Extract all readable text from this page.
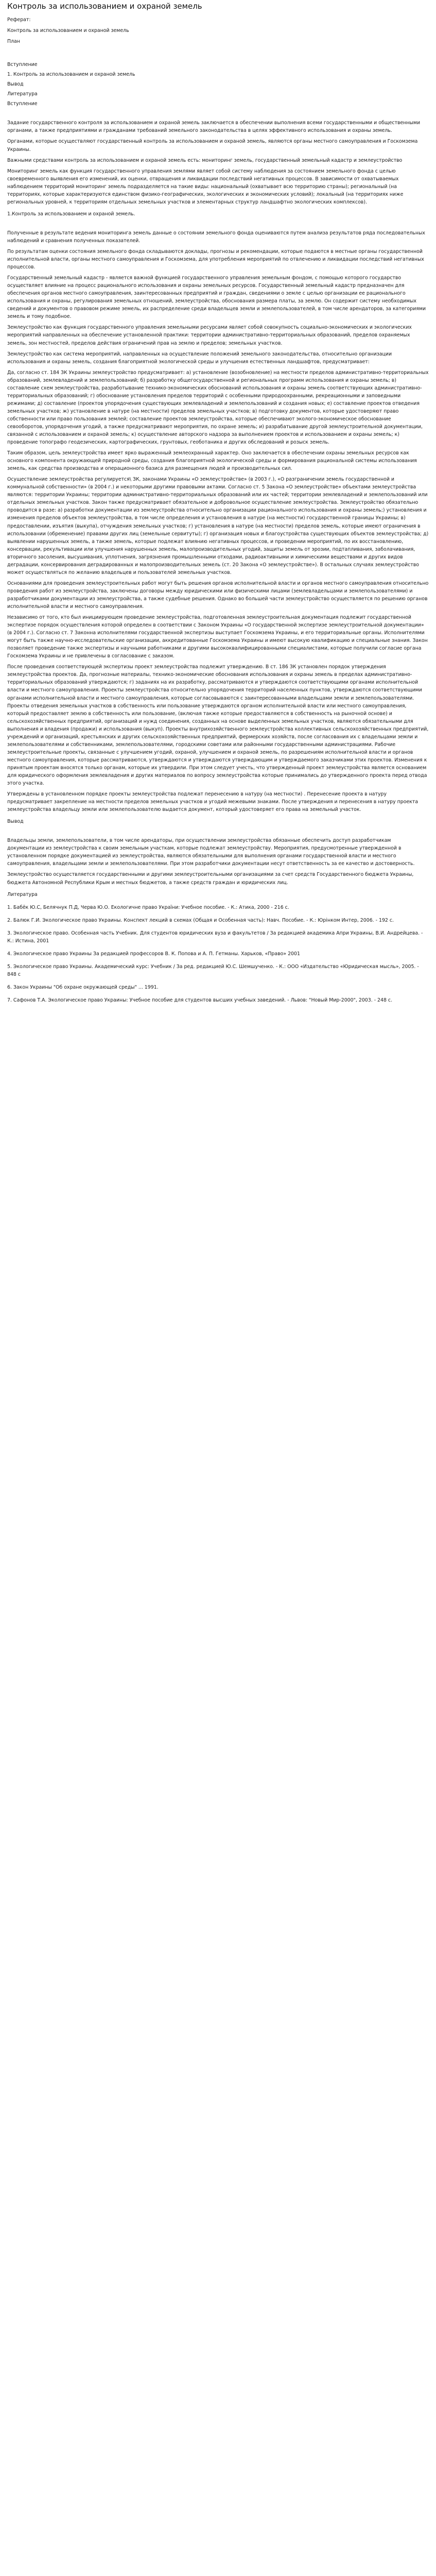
Контроль за использованием и охраной земель

Реферат:

Контроль за использованием и охраной земель

План

Вступление

1. Контроль за использованием и охраной земель

Вывод

Литература

Вступление

Задание государственного контроля за использованием и охраной земель заключается в обеспечении выполнения всеми государственными и общественными органами, а также предприятиями и гражданами требований земельного законодательства в целях эффективного использования и охраны земель.

Органами, которые осуществляют государственный контроль за использованием и охраной земель, являются органы местного самоуправления и Госкомзема Украины.

Важными средствами контроль за использованием и охраной земель есть: мониторинг земель, государственный земельный кадастр и землеустройство

Мониторинг земель как функция государственного управления землями являет собой систему наблюдения за состоянием земельного фонда с целью своевременного выявления его изменений, их оценки, отвращения и ликвидации последствий негативных процессов. В зависимости от охватываемых наблюдением территорий мониторинг земель подразделяется на такие виды: национальный (охватывает всю территорию страны); региональный (на территориях, которые характеризуются единством физико-географических, экологических и экономических условий); локальный (на территориях ниже региональных уровней, к территориям отдельных земельных участков и элементарных структур ландшафтно экологических комплексов).

1.Контроль за использованием и охраной земель.

Полученные в результате ведения мониторинга земель данные о состоянии земельного фонда оцениваются путем анализа результатов ряда последовательных наблюдений и сравнения полученных показателей.

По результатам оценки состояния земельного фонда складываются доклады, прогнозы и рекомендации, которые подаются в местные органы государственной исполнительной власти, органы местного самоуправления и Госкомзема, для употребления мероприятий по отвлечению и ликвидации последствий негативных процессов.

Государственный земельный кадастр - является важной функцией государственного управления земельным фондом, с помощью которого государство осуществляет влияние на процесс рационального использования и охраны земельных ресурсов. Государственный земельный кадастр предназначен для обеспечения органов местного самоуправления, заинтересованных предприятий и граждан, сведениями о земле с целью организации ее рационального использования и охраны, регулирования земельных отношений, землеустройства, обоснования размера платы, за землю. Он содержит систему необходимых сведений и документов о правовом режиме земель, их распределение среди владельцев земли и землепользователей, в том числе арендаторов, за категориями земель и тому подобное.

Землеустройство как функция государственного управления земельными ресурсами являет собой совокупность социально-экономических и экологических мероприятий направленных на обеспечение установленной практики: территории административно-территориальных образований, пределов охраняемых земель, зон местностей, пределов действия ограничений прав на землю и пределов; земельных участков.

Землеустройство как система мероприятий, направленных на осуществление положений земельного законодательства, относительно организации использования и охраны земель, создания благоприятной экологической среды и улучшения естественных ландшафтов, предусматривает:

Да, согласно ст. 184 ЗК Украины землеустройство предусматривает: а) установление (возобновление) на местности пределов административно-территориальных образований, землевладений и землепользований; б) разработку общегосударственной и региональных программ использования и охраны земель; в) составление схем землеустройства, разработывание технико-экономических обоснований использования и охраны земель соответствующих административно-территориальных образований; г) обоснование установления пределов территорий с особенными природоохранными, рекреационными и заповедными режимами; д) составление (проектов упорядочения существующих землевладений и землепользований и создания новых; е) составление проектов отведения земельных участков; ж) установление в натуре (на местности) пределов земельных участков; в) подготовку документов, которые удостоверяют право собственности или право пользования землей; составление проектов землеустройства, которые обеспечивают эколого-экономическое обоснование севооборотов, упорядочения угодий, а также предусматривают мероприятия, по охране земель; и) разрабатывание другой землеустроительной документации, связанной с использованием и охраной земель; к) осуществление авторского надзора за выполнением проектов и использованием и охраны земель; к) проведение топографо геодезических, картографических, грунтовых, геоботаника и других обследований и розыск земель.

Таким образом, цель землеустройства имеет ярко выраженный землеохранный характер. Оно заключается в обеспечении охраны земельных ресурсов как основного компонента окружающей природной среды, создания благоприятной экологической среды и формирования рациональной системы использования земель, как средства производства и операционного базиса для размещения людей и производительных сил.

Осуществление землеустройства регулируется\ ЗК, законами Украины «О землеустройстве» (в 2003 г.), «О разграничении земель государственной и коммунальной собственности» (в 2004 г.) и некоторыми другими правовыми актами. Согласно ст. 5 Закона «О землеустройстве» объектами землеустройства являются: территории Украины; территории административно-территориальных образований или их частей; территории землевладений и землепользований или отдельных земельных участков. Закон также предусматривает обязательное и добровольное осуществление землеустройства. Землеустройство обязательно проводится в разе: а) разработки документации из землеустройства относительно организации рационального использования и охраны земель;) установления и изменения пределов объектов землеустройства, в том числе определения и установления в натуре (на местности) государственной границы Украины; в) предоставлении, изъятия (выкупа), отчуждения земельных участков; г) установления в натуре (на местности) пределов земель, которые имеют ограничения в использовании (обременение) правами других лиц (земельные сервитуты); г) организация новых и благоустройства существующих объектов землеустройства; д) выявлении нарушенных земель, а также земель, которые подлежат влиянию негативных процессов, и проведении мероприятий, по их восстановлению, консервации, рекультивации или улучшения нарушенных земель, малопроизводительных угодий, защиты земель от эрозии, подтапливания, заболачивания, вторичного засоления, высушивания, уплотнения, загрязнения промышленными отходами, радиоактивными и химическими веществами и других видов деградации, консервирования деградированных и малопроизводительных земель (ст. 20 Закона «О землеустройстве»). В остальных случаях землеустройство может осуществляться по желанию владельцев и пользователей земельных участков.

Основаниями для проведения землеустроительных работ могут быть решения органов исполнительной власти и органов местного самоуправления относительно проведения работ из землеустройства, заключены договоры между юридическими или физическими лицами (землевладельцами и землепользователями) и разработчиками документации из землеустройства, а также судебные решения. Однако во большей части землеустройство осуществляется по решению органов исполнительной власти и местного самоуправления.

Независимо от того, кто был инициирующем проведение землеустройства, подготовленная землеустроительная документация подлежит государственной экспертизе порядок осуществления которой определен в соответствии с Законом Украины «О государственной экспертизе землеустроительной документации» (в 2004 г.). Согласно ст. 7 Законна исполнителями государственной экспертизы выступает Госкомзема Украины, и его территориальные органы. Исполнителями могут быть также научно-исследовательские организации, аккредитованные Госкомзема Украины и имеют высокую квалификацию и специальные знания. Закон позволяет проведение также экспертизы и научными работниками и другими высококвалифицированными специалистами, которые получили согласие органа Госкомзема Украины и не привлечены в согласование с заказом.

После проведения соответствующей экспертизы проект землеустройства подлежит утверждению. В ст. 186 ЗК установлен порядок утверждения землеустройства проектов. Да, прогнозные материалы, технико-экономические обоснования использования и охраны земель в пределах административно-территориальных образований утверждаются; г) заданиях на их разработку, рассматриваются и утверждаются соответствующими органами исполнительной власти и местного самоуправления. Проекты землеустройства относительно упорядочения территорий населенных пунктов, утверждаются соответствующими органами исполнительной власти и местного самоуправления, которые согласовываются с заинтересованными владельцами земли и землепользователями. Проекты отведения земельных участков в собственность или пользование утверждаются органом исполнительной власти или местного самоуправления, который предоставляет землю в собственность или пользование, (включая также которые предоставляются в собственность на рыночной основе) и сельскохозяйственных предприятий, организаций и нужд соединения, созданных на основе выделенных земельных участков, являются обязательными для выполнения и владения (продажи) и использования (выкуп). Проекты внутрихозяйственного землеустройства коллективных сельскохозяйственных предприятий, учреждений и организаций, крестьянских и других сельскохозяйственных предприятий, фермерских хозяйств, после согласования их с владельцами земли и землепользователями и собственниками, землепользователями, городскими советами или районными государственными администрациями. Рабочие землеустроительные проекты, связанные с улучшением угодий, охраной, улучшением и охраной земель, по разрешениям исполнительной власти и органов местного самоуправления, которые рассматриваются, утверждаются и утверждаются утверждающим и утверждаемого заказчиками этих проектов. Изменения к принятым проектам вносятся только органам, которые их утвердили. При этом следует учесть, что утвержденный проект землеустройства является основанием для юридического оформления землевладения и других материалов по вопросу землеустройства которые принимались до утвержденного проекта перед отвода этого участка.

Утверждены в установленном порядке проекты землеустройства подлежат перенесению в натуру (на местности) . Перенесение проекта в натуру предусматривает закрепление на местности пределов земельных участков и угодий межевыми знаками. После утверждения и перенесения в натуру проекта землеустройства владельцу земли или землепользователю выдается документ, который удостоверяет его права на земельный участок.

Вывод

Владельцы земли, землепользователи, в том числе арендаторы, при осуществлении землеустройства обязанные обеспечить доступ разработчикам документации из землеустройства к своим земельным участкам, которые подлежат землеустройству. Мероприятия, предусмотренные утвержденной в установленном порядке документацией из землеустройства, являются обязательными для выполнения органами государственной власти и местного самоуправления, владельцами земли и землепользователями. При этом разработчики документации несут ответственность за ее качество и достоверность.

Землеустройство осуществляется государственными и другими землеустроительными организациями за счет средств Государственного бюджета Украины, бюджета Автономной Республики Крым и местных бюджетов, а также средств граждан и юридических лиц.

Литература

1. Бабёк Ю.С, Белячнук П.Д, Черва Ю.О. Екологичне право України: Учебное пособие. - К.: Атика, 2000 - 216 с.

2. Балюк Г.И. Экологическое право Украины. Конспект лекций в схемах (Общая и Особенная часть): Навч. Пособие. - К.: Юрінком Интер, 2006. - 192 с.

3. Экологическое право. Особенная часть Учебник. Для студентов юридических вуза и факультетов / За редакцией академика Апри Украины, В.И. Андрейцева. - К.: Истина, 2001

4. Экологическое право Украины За редакцией профессоров В. К. Попова и А. П. Гетманы. Харьков, «Право» 2001

5. Экологическое право Украины. Академический курс: Учебник / За ред. редакцией Ю.С. Шемшученко. - К.: ООО «Издательство «Юридическая мысль», 2005. - 848 с

6. Закон Украины "Об охране окружающей среды" ... 1991.

7. Сафонов Т.А. Экологическое право Украины: Учебное пособие для студентов высших учебных заведений. - Львов: "Новый Мир-2000", 2003. - 248 с.
